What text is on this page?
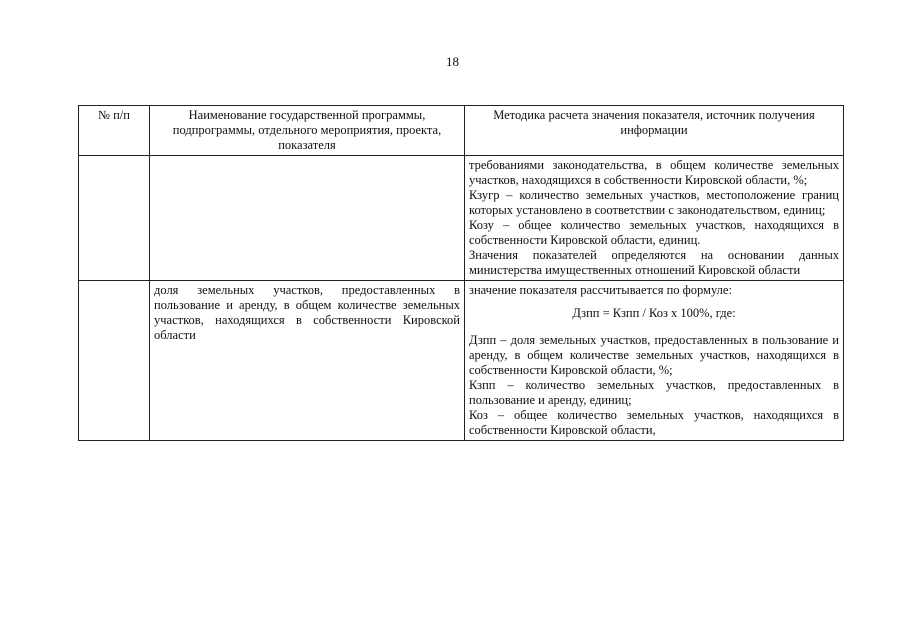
18
№ п/п	Наименование государственной программы, подпрограммы, отдельного мероприятия, проекта, показателя	Методика расчета значения показателя, источник получения информации

		требованиями законодательства, в общем количестве земельных участков, находящихся в собственности Кировской области, %;

Кзугр – количество земельных участков, местоположение границ которых установлено в соответствии с законодательством, единиц;

Козу – общее количество земельных участков, находящихся в собственности Кировской области, единиц.

Значения показателей определяются на основании данных министерства имущественных отношений Кировской области

	доля земельных участков, предоставленных в пользование и аренду, в общем количестве земельных участков, находящихся в собственности Кировской области	значение показателя рассчитывается по формуле:

Дзпп = Кзпп / Коз х 100%, где:

Дзпп – доля земельных участков, предоставленных в пользование и аренду, в общем количестве земельных участков, находящихся в собственности Кировской области, %;

Кзпп – количество земельных участков, предоставленных в пользование и аренду, единиц;

Коз – общее количество земельных участков, находящихся в собственности Кировской области,
